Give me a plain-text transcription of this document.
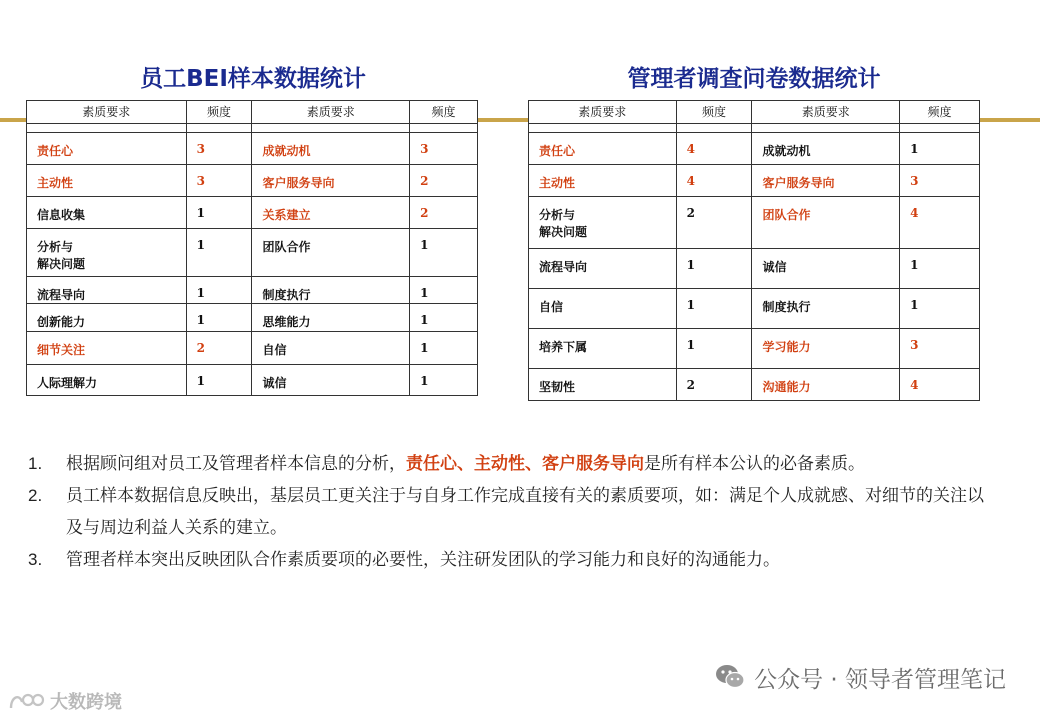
员工BEI样本数据统计	管理者调查问卷数据统计
素质要求	频度	素质要求	频度

责任心	3	成就动机	3
主动性	3	客户服务导向	2
信息收集	1	关系建立	2
分析与
解决问题	1	团队合作	1
流程导向	1	制度执行	1
创新能力	1	思维能力	1
细节关注	2	自信	1
人际理解力	1	诚信	1
素质要求	频度	素质要求	频度

责任心	4	成就动机	1
主动性	4	客户服务导向	3
分析与
解决问题	2	团队合作	4
流程导向	1	诚信	1
自信	1	制度执行	1
培养下属	1	学习能力	3
坚韧性	2	沟通能力	4
1. 根据顾问组对员工及管理者样本信息的分析，责任心、主动性、客户服务导向是所有样本公认的必备素质。
2. 员工样本数据信息反映出，基层员工更关注于与自身工作完成直接有关的素质要项，如：满足个人成就感、对细节的关注以及与周边利益人关系的建立。
3. 管理者样本突出反映团队合作素质要项的必要性，关注研发团队的学习能力和良好的沟通能力。
公众号 · 领导者管理笔记
大数跨境
